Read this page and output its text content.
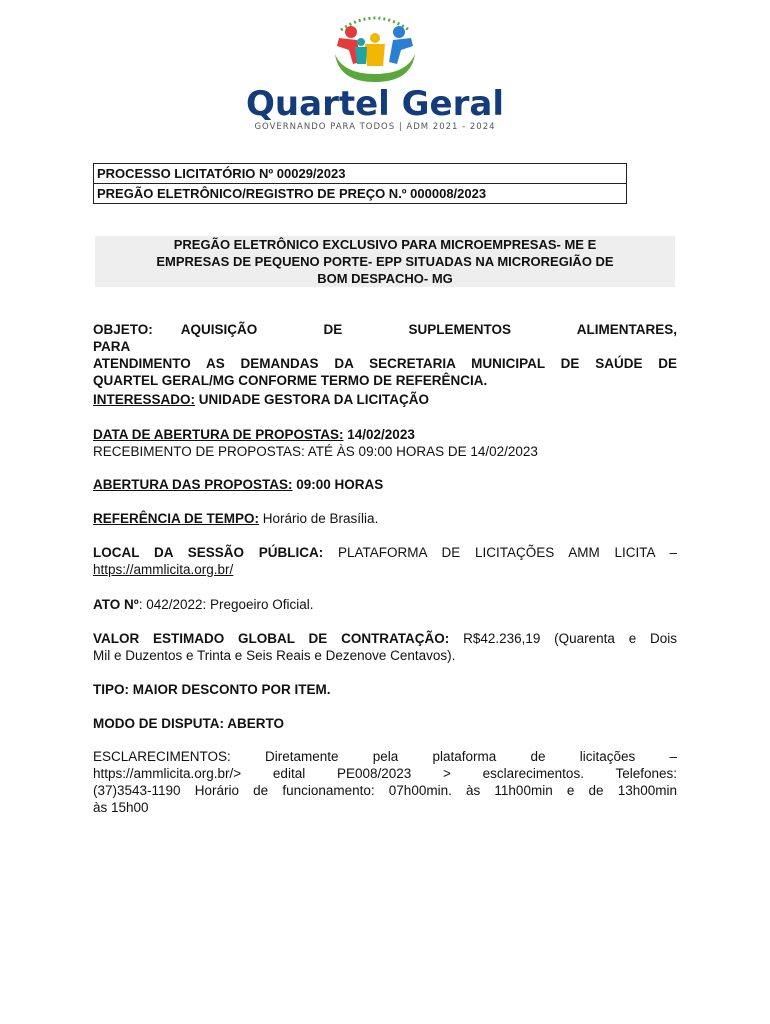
Quartel Geral
GOVERNANDO PARA TODOS | ADM 2021 - 2024
PROCESSO LICITATÓRIO Nº 00029/2023
PREGÃO ELETRÔNICO/REGISTRO DE PREÇO N.º 000008/2023
PREGÃO ELETRÔNICO EXCLUSIVO PARA MICROEMPRESAS- ME E
EMPRESAS DE PEQUENO PORTE- EPP SITUADAS NA MICROREGIÃO DE
BOM DESPACHO- MG
OBJETO: AQUISIÇÃO DE SUPLEMENTOS ALIMENTARES, PARA
ATENDIMENTO AS DEMANDAS DA SECRETARIA MUNICIPAL DE SAÚDE DE
QUARTEL GERAL/MG CONFORME TERMO DE REFERÊNCIA.
INTERESSADO: UNIDADE GESTORA DA LICITAÇÃO
DATA DE ABERTURA DE PROPOSTAS: 14/02/2023
RECEBIMENTO DE PROPOSTAS: ATÉ ÀS 09:00 HORAS DE 14/02/2023
ABERTURA DAS PROPOSTAS: 09:00 HORAS
REFERÊNCIA DE TEMPO: Horário de Brasília.
LOCAL DA SESSÃO PÚBLICA: PLATAFORMA DE LICITAÇÕES AMM LICITA –
https://ammlicita.org.br/
ATO Nº: 042/2022: Pregoeiro Oficial.
VALOR ESTIMADO GLOBAL DE CONTRATAÇÃO: R$42.236,19 (Quarenta e Dois
Mil e Duzentos e Trinta e Seis Reais e Dezenove Centavos).
TIPO: MAIOR DESCONTO POR ITEM.
MODO DE DISPUTA: ABERTO
ESCLARECIMENTOS: Diretamente pela plataforma de licitações –
https://ammlicita.org.br/> edital PE008/2023 > esclarecimentos. Telefones:
(37)3543-1190 Horário de funcionamento: 07h00min. às 11h00min e de 13h00min
às 15h00
